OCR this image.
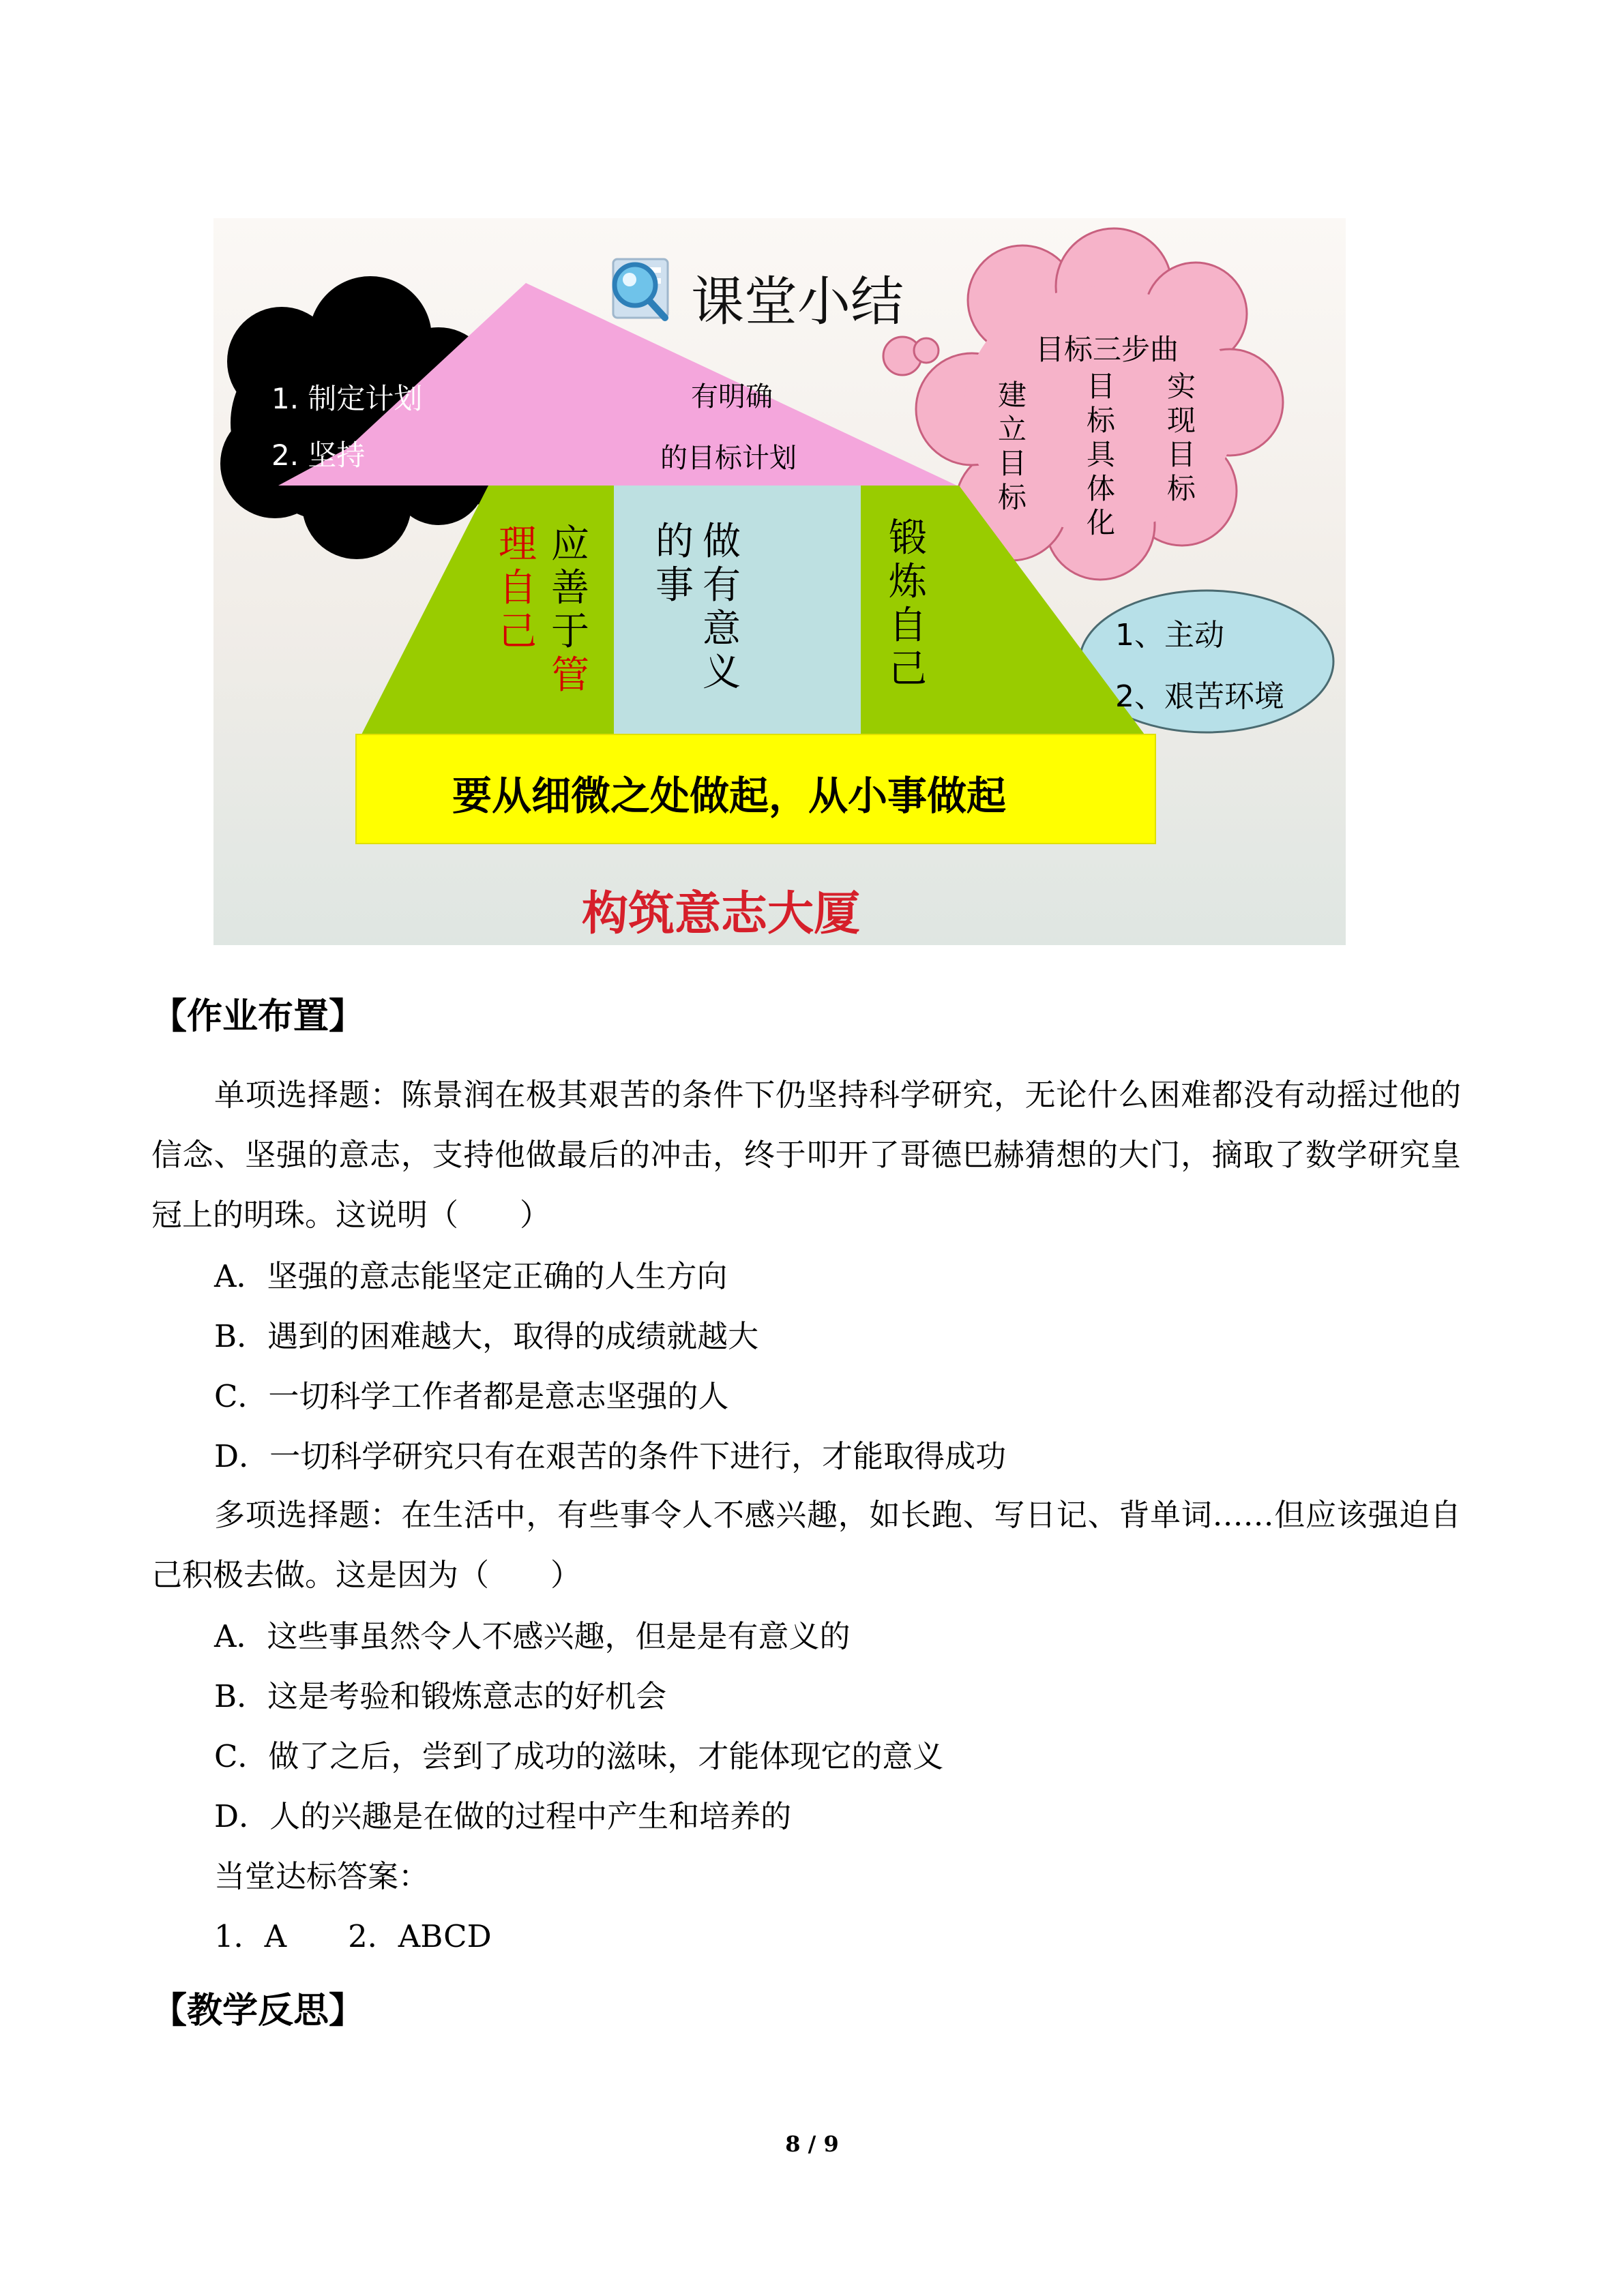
课堂小结
有明确
的目标计划
1. 制定计划
2. 坚持
目标三步曲
建立目标
目标具体化
实现目标
1、主动
2、艰苦环境
应善于管
理自己
做有意义
的事
锻炼自己
要从细微之处做起，从小事做起
构筑意志大厦
【作业布置】

单项选择题：陈景润在极其艰苦的条件下仍坚持科学研究，无论什么困难都没有动摇过他的信念、坚强的意志，支持他做最后的冲击，终于叩开了哥德巴赫猜想的大门，摘取了数学研究皇冠上的明珠。这说明（　　）

A．坚强的意志能坚定正确的人生方向
B．遇到的困难越大，取得的成绩就越大
C．一切科学工作者都是意志坚强的人
D．一切科学研究只有在艰苦的条件下进行，才能取得成功

多项选择题：在生活中，有些事令人不感兴趣，如长跑、写日记、背单词……但应该强迫自己积极去做。这是因为（　　）

A．这些事虽然令人不感兴趣，但是是有意义的
B．这是考验和锻炼意志的好机会
C．做了之后，尝到了成功的滋味，才能体现它的意义
D．人的兴趣是在做的过程中产生和培养的
当堂达标答案：
1．A　　2．ABCD
【教学反思】
8 / 9
